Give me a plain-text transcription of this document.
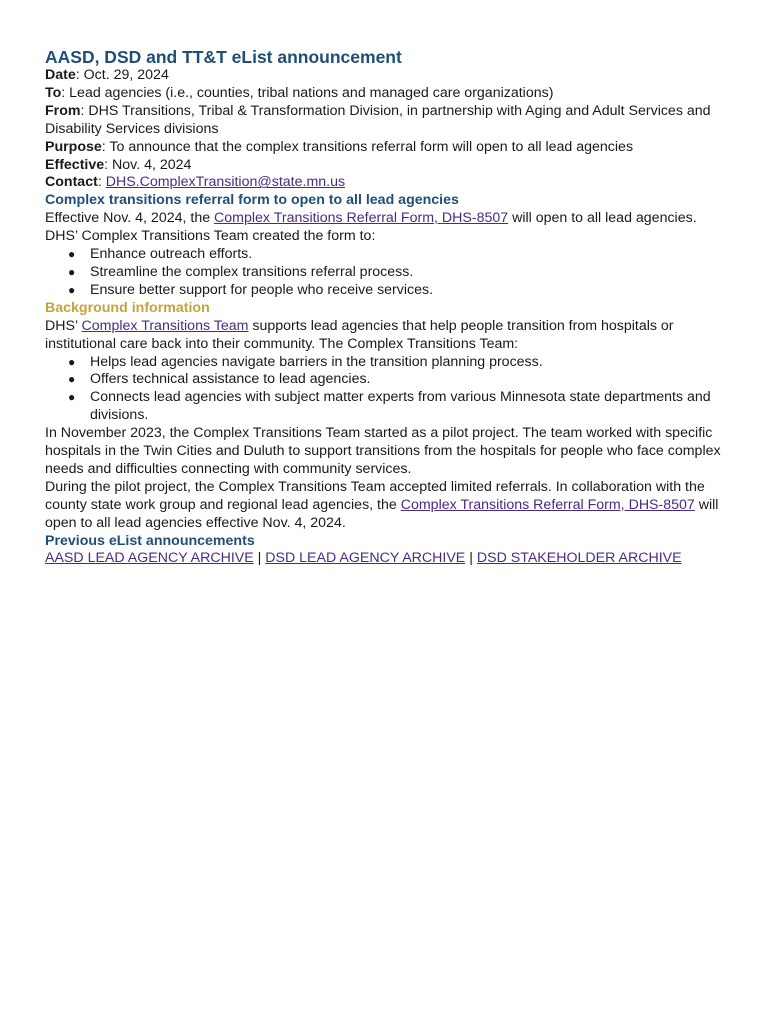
AASD, DSD and TT&T eList announcement

Date: Oct. 29, 2024

To: Lead agencies (i.e., counties, tribal nations and managed care organizations)

From: DHS Transitions, Tribal & Transformation Division, in partnership with Aging and Adult Services and Disability Services divisions

Purpose: To announce that the complex transitions referral form will open to all lead agencies

Effective: Nov. 4, 2024

Contact: DHS.ComplexTransition@state.mn.us

Complex transitions referral form to open to all lead agencies

Effective Nov. 4, 2024, the Complex Transitions Referral Form, DHS-8507 will open to all lead agencies. DHS’ Complex Transitions Team created the form to:

● Enhance outreach efforts.
● Streamline the complex transitions referral process.
● Ensure better support for people who receive services.
Background information

DHS’ Complex Transitions Team supports lead agencies that help people transition from hospitals or institutional care back into their community. The Complex Transitions Team:

● Helps lead agencies navigate barriers in the transition planning process.
● Offers technical assistance to lead agencies.
● Connects lead agencies with subject matter experts from various Minnesota state departments and divisions.

In November 2023, the Complex Transitions Team started as a pilot project. The team worked with specific hospitals in the Twin Cities and Duluth to support transitions from the hospitals for people who face complex needs and difficulties connecting with community services.

During the pilot project, the Complex Transitions Team accepted limited referrals. In collaboration with the county state work group and regional lead agencies, the Complex Transitions Referral Form, DHS-8507 will open to all lead agencies effective Nov. 4, 2024.

Previous eList announcements

AASD LEAD AGENCY ARCHIVE | DSD LEAD AGENCY ARCHIVE | DSD STAKEHOLDER ARCHIVE
